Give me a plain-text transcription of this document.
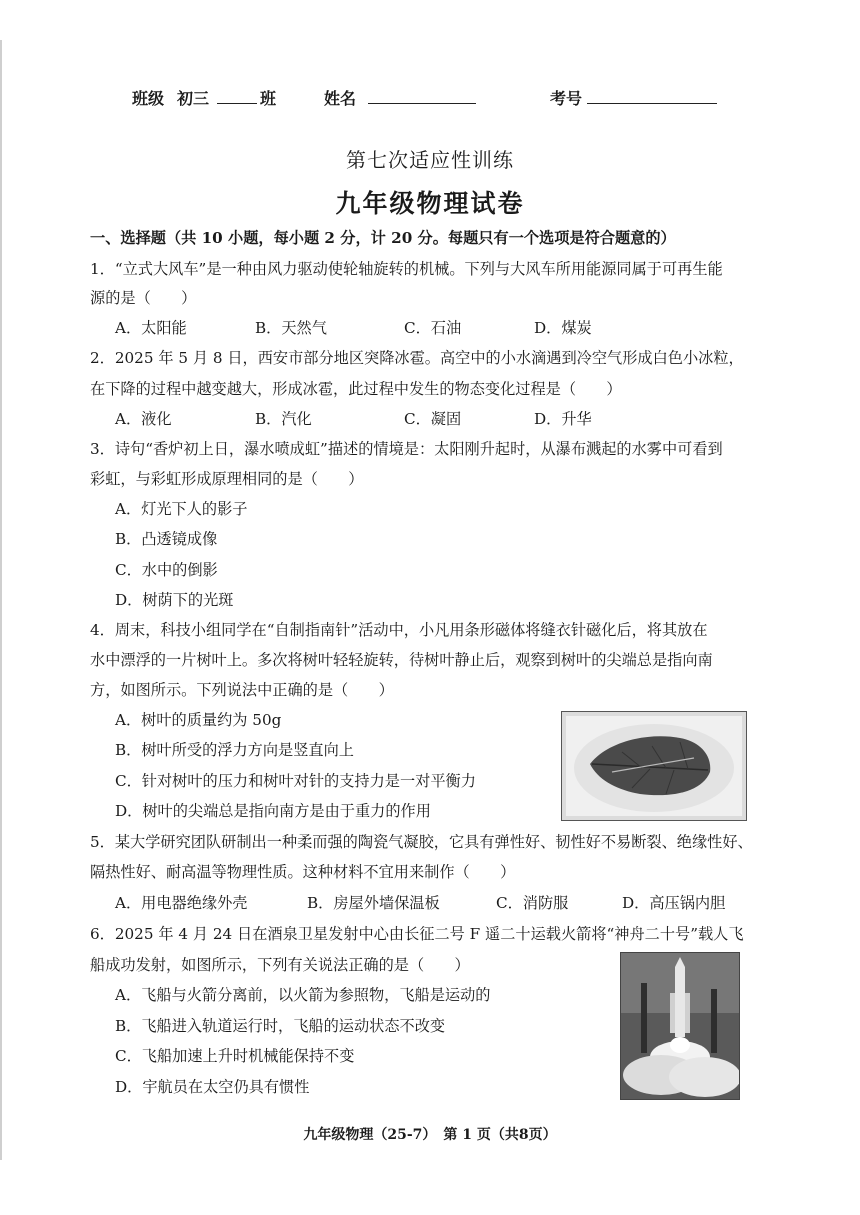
班级 初三	班	姓名	考号
第七次适应性训练
九年级物理试卷
一、选择题（共 10 小题，每小题 2 分，计 20 分。每题只有一个选项是符合题意的）
1．“立式大风车”是一种由风力驱动使轮轴旋转的机械。下列与大风车所用能源同属于可再生能
源的是（　　）
A．太阳能	B．天然气	C．石油	D．煤炭
2．2025 年 5 月 8 日，西安市部分地区突降冰雹。高空中的小水滴遇到冷空气形成白色小冰粒，
在下降的过程中越变越大，形成冰雹，此过程中发生的物态变化过程是（　　）
A．液化	B．汽化	C．凝固	D．升华
3．诗句“香炉初上日，瀑水喷成虹”描述的情境是：太阳刚升起时，从瀑布溅起的水雾中可看到
彩虹，与彩虹形成原理相同的是（　　）
A．灯光下人的影子
B．凸透镜成像
C．水中的倒影
D．树荫下的光斑
4．周末，科技小组同学在“自制指南针”活动中，小凡用条形磁体将缝衣针磁化后，将其放在
水中漂浮的一片树叶上。多次将树叶轻轻旋转，待树叶静止后，观察到树叶的尖端总是指向南
方，如图所示。下列说法中正确的是（　　）
A．树叶的质量约为 50g
B．树叶所受的浮力方向是竖直向上
C．针对树叶的压力和树叶对针的支持力是一对平衡力
D．树叶的尖端总是指向南方是由于重力的作用
5．某大学研究团队研制出一种柔而强的陶瓷气凝胶，它具有弹性好、韧性好不易断裂、绝缘性好、
隔热性好、耐高温等物理性质。这种材料不宜用来制作（　　）
A．用电器绝缘外壳	B．房屋外墙保温板	C．消防服	D．高压锅内胆
6．2025 年 4 月 24 日在酒泉卫星发射中心由长征二号 F 遥二十运载火箭将“神舟二十号”载人飞
船成功发射，如图所示，下列有关说法正确的是（　　）
A．飞船与火箭分离前，以火箭为参照物，飞船是运动的
B．飞船进入轨道运行时，飞船的运动状态不改变
C．飞船加速上升时机械能保持不变
D．宇航员在太空仍具有惯性
九年级物理（25-7）　第 1 页（共8页）
